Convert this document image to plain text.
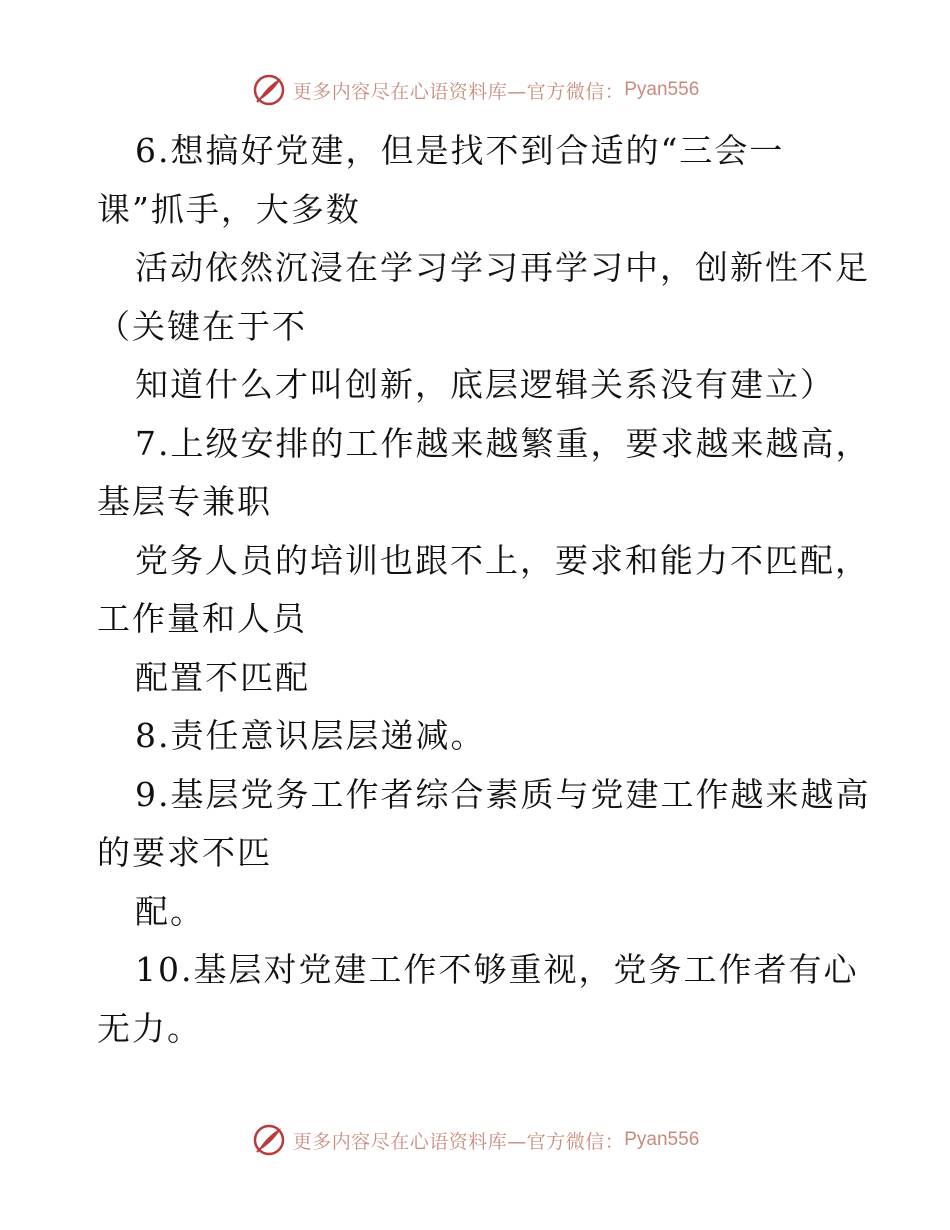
更多内容尽在心语资料库—官方微信： Pyan556
6.想搞好党建，但是找不到合适的“三会一
课”抓手，大多数
活动依然沉浸在学习学习再学习中，创新性不足
（关键在于不
知道什么才叫创新，底层逻辑关系没有建立）
7.上级安排的工作越来越繁重，要求越来越高，
基层专兼职
党务人员的培训也跟不上，要求和能力不匹配，
工作量和人员
配置不匹配
8.责任意识层层递减。
9.基层党务工作者综合素质与党建工作越来越高
的要求不匹
配。
10.基层对党建工作不够重视，党务工作者有心
无力。
更多内容尽在心语资料库—官方微信： Pyan556
